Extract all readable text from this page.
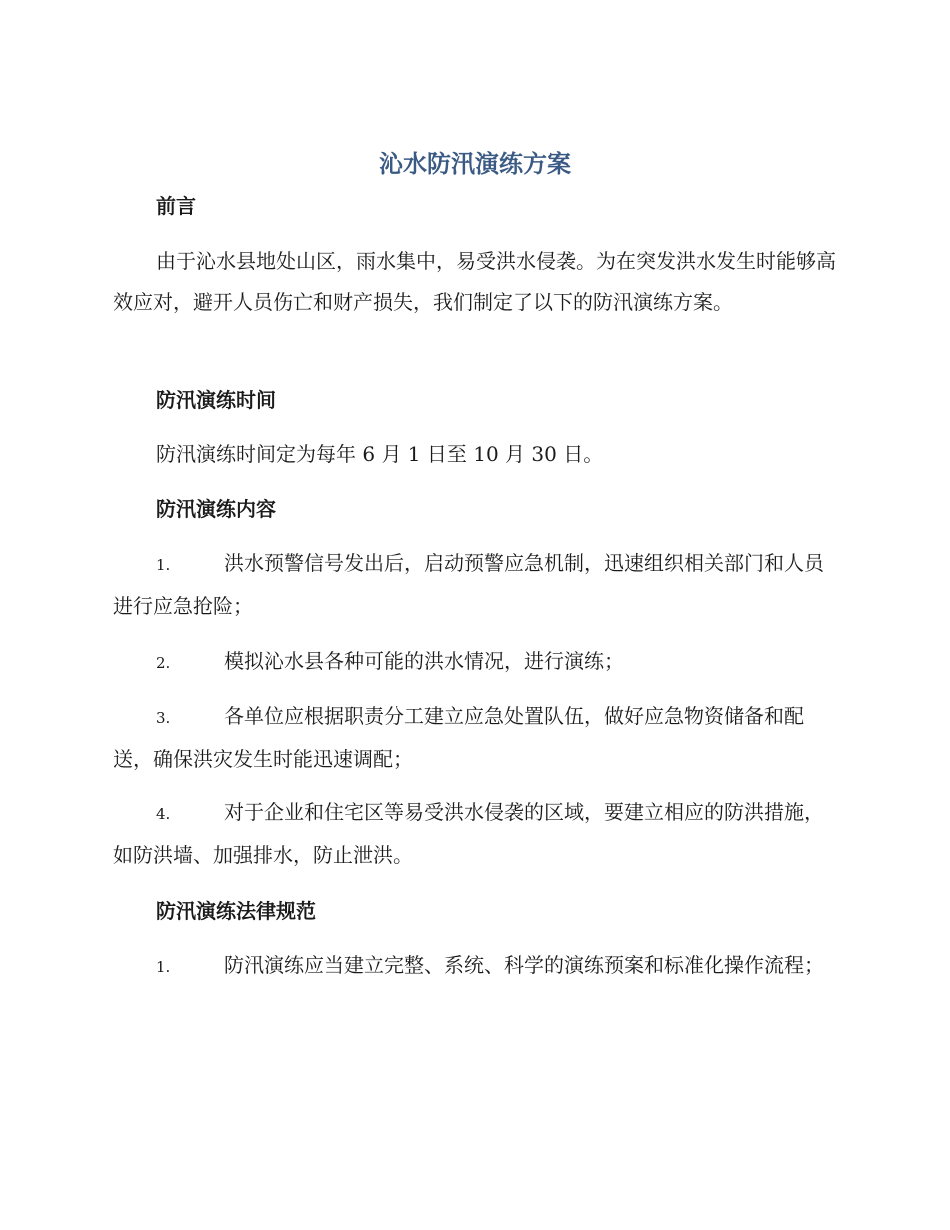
沁水防汛演练方案
前言

由于沁水县地处山区，雨水集中，易受洪水侵袭。为在突发洪水发生时能够高效应对，避开人员伤亡和财产损失，我们制定了以下的防汛演练方案。

防汛演练时间

防汛演练时间定为每年 6 月 1 日至 10 月 30 日。

防汛演练内容

1.	洪水预警信号发出后，启动预警应急机制，迅速组织相关部门和人员进行应急抢险；

2.	模拟沁水县各种可能的洪水情况，进行演练；

3.	各单位应根据职责分工建立应急处置队伍，做好应急物资储备和配送，确保洪灾发生时能迅速调配；

4.	对于企业和住宅区等易受洪水侵袭的区域，要建立相应的防洪措施，如防洪墙、加强排水，防止泄洪。

防汛演练法律规范

1.	防汛演练应当建立完整、系统、科学的演练预案和标准化操作流程；
